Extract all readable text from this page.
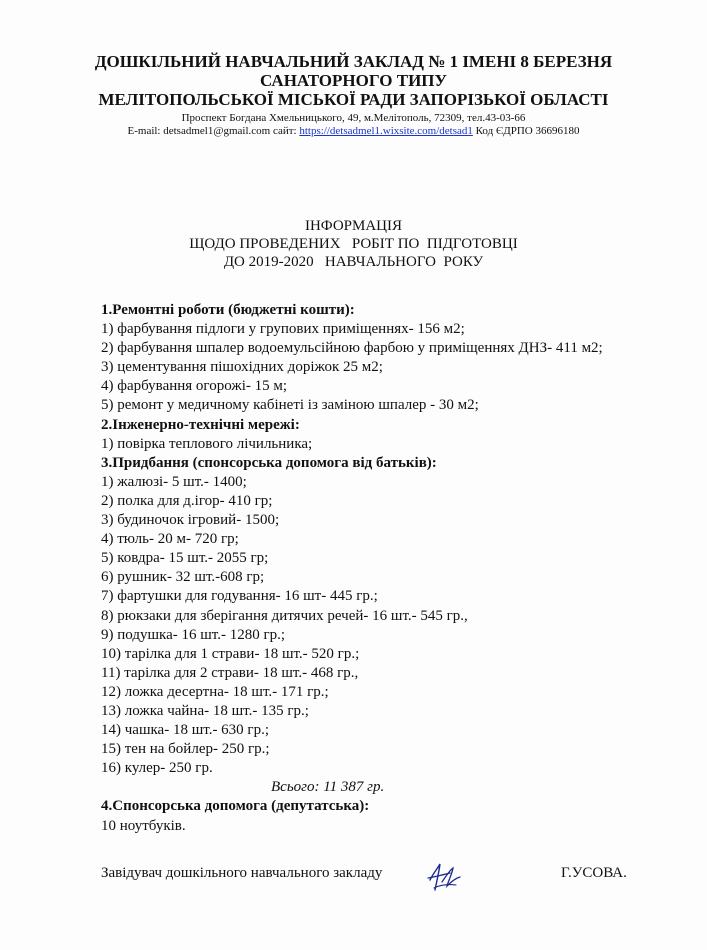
ДОШКІЛЬНИЙ НАВЧАЛЬНИЙ ЗАКЛАД № 1 ІМЕНІ 8 БЕРЕЗНЯ
САНАТОРНОГО ТИПУ
МЕЛІТОПОЛЬСЬКОЇ МІСЬКОЇ РАДИ ЗАПОРІЗЬКОЇ ОБЛАСТІ
Проспект Богдана Хмельницького, 49, м.Мелітополь, 72309, тел.43-03-66
E-mail: detsadmel1@gmail.com сайт: https://detsadmel1.wixsite.com/detsad1 Код ЄДРПО 36696180
ІНФОРМАЦІЯ
ЩОДО ПРОВЕДЕНИХ   РОБІТ ПО  ПІДГОТОВЦІ
ДО 2019-2020   НАВЧАЛЬНОГО  РОКУ
1.Ремонтні роботи (бюджетні кошти):
1) фарбування підлоги у групових приміщеннях- 156 м2;
2) фарбування шпалер водоемульсійною фарбою у приміщеннях ДНЗ- 411 м2;
3) цементування пішохідних доріжок 25 м2;
4) фарбування огорожі- 15 м;
5) ремонт у медичному кабінеті із заміною шпалер - 30 м2;
2.Інженерно-технічні мережі:
1) повірка теплового лічильника;
3.Придбання (спонсорська допомога від батьків):
1) жалюзі- 5 шт.- 1400;
2) полка для д.ігор- 410 гр;
3) будиночок ігровий- 1500;
4) тюль- 20 м- 720 гр;
5) ковдра- 15 шт.- 2055 гр;
6) рушник- 32 шт.-608 гр;
7) фартушки для годування- 16 шт- 445 гр.;
8) рюкзаки для зберігання дитячих речей- 16 шт.- 545 гр.,
9) подушка- 16 шт.- 1280 гр.;
10) тарілка для 1 страви- 18 шт.- 520 гр.;
11) тарілка для 2 страви- 18 шт.- 468 гр.,
12) ложка десертна- 18 шт.- 171 гр.;
13) ложка чайна- 18 шт.- 135 гр.;
14) чашка- 18 шт.- 630 гр.;
15) тен на бойлер- 250 гр.;
16) кулер- 250 гр.
Всього: 11 387 гр.
4.Спонсорська допомога (депутатська):
10 ноутбуків.
Завідувач дошкільного навчального закладу	Г.УСОВА.
